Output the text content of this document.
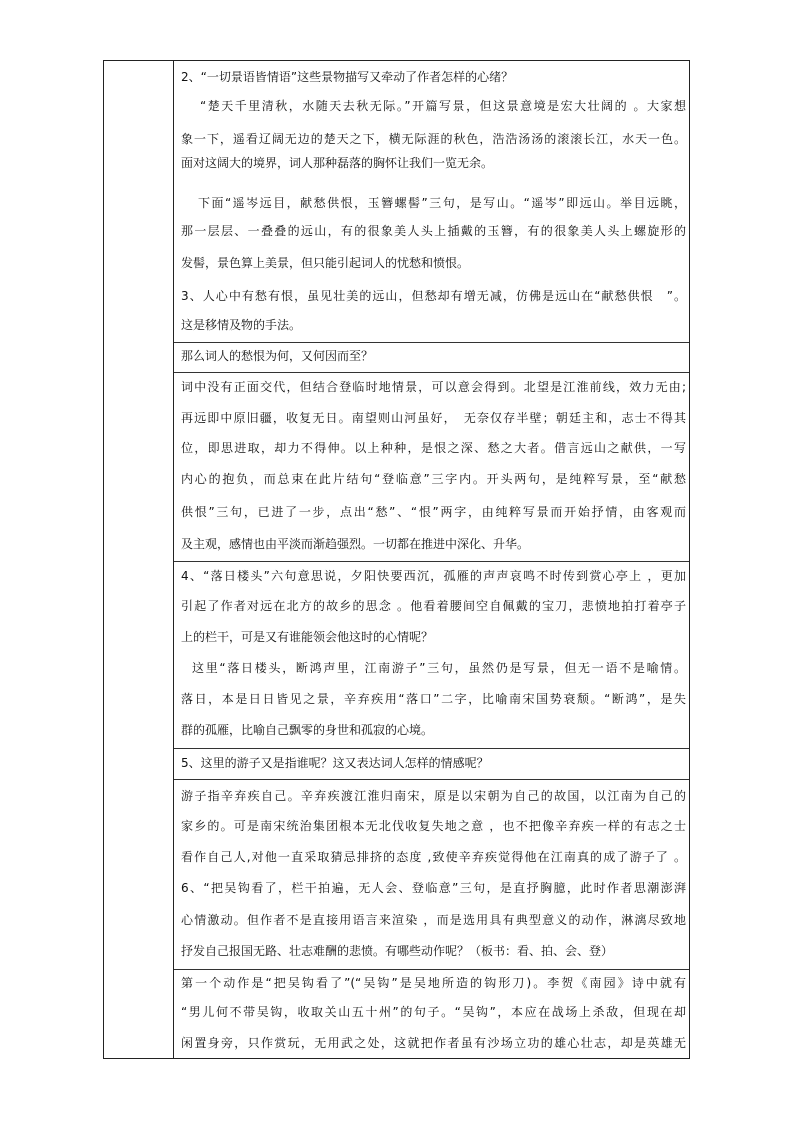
2、“一切景语皆情语”这些景物描写又牵动了作者怎样的心绪？
“楚天千里清秋，水随天去秋无际。”开篇写景，但这景意境是宏大壮阔的 。大家想
象一下，遥看辽阔无边的楚天之下，横无际涯的秋色，浩浩汤汤的滚滚长江，水天一色。
面对这阔大的境界，词人那种磊落的胸怀让我们一览无余。
下面“遥岑远目，献愁供恨，玉簪螺髻”三句，是写山。“遥岑”即远山。举目远眺，
那一层层、一叠叠的远山，有的很象美人头上插戴的玉簪，有的很象美人头上螺旋形的
发髻，景色算上美景，但只能引起词人的忧愁和愤恨。
3、人心中有愁有恨，虽见壮美的远山，但愁却有增无减，仿佛是远山在“献愁供恨　”。
这是移情及物的手法。
那么词人的愁恨为何，又何因而至？
词中没有正面交代，但结合登临时地情景，可以意会得到。北望是江淮前线，效力无由;
再远即中原旧疆，收复无日。南望则山河虽好，　无奈仅存半壁；朝廷主和，志士不得其
位，即思进取，却力不得伸。以上种种，是恨之深、愁之大者。借言远山之献供，一写
内心的抱负，而总束在此片结句“登临意”三字内。开头两句，是纯粹写景，至“献愁
供恨”三句，已进了一步，点出“愁”、“恨”两字，由纯粹写景而开始抒情，由客观而
及主观，感情也由平淡而渐趋强烈。一切都在推进中深化、升华。
4、“落日楼头”六句意思说，夕阳快要西沉，孤雁的声声哀鸣不时传到赏心亭上 ，更加
引起了作者对远在北方的故乡的思念 。他看着腰间空自佩戴的宝刀，悲愤地拍打着亭子
上的栏干，可是又有谁能领会他这时的心情呢？
这里“落日楼头，断鸿声里，江南游子”三句，虽然仍是写景，但无一语不是喻情。
落日，本是日日皆见之景，辛弃疾用“落口”二字，比喻南宋国势衰颓。“断鸿”，是失
群的孤雁，比喻自己飘零的身世和孤寂的心境。
5、这里的游子又是指谁呢？这又表达词人怎样的情感呢？
游子指辛弃疾自己。辛弃疾渡江淮归南宋，原是以宋朝为自己的故国，以江南为自己的
家乡的。可是南宋统治集团根本无北伐收复失地之意 ，也不把像辛弃疾一样的有志之士
看作自己人,对他一直采取猜忌排挤的态度 ,致使辛弃疾觉得他在江南真的成了游子了 。
6、“把吴钩看了，栏干拍遍，无人会、登临意”三句，是直抒胸臆，此时作者思潮澎湃
心情激动。但作者不是直接用语言来渲染 ，而是选用具有典型意义的动作，淋漓尽致地
抒发自己报国无路、壮志难酬的悲愤。有哪些动作呢？（板书：看、拍、会、登）
第一个动作是“把吴钩看了”(“吴钩”是吴地所造的钩形刀)。李贺《南园》诗中就有
“男儿何不带吴钩，收取关山五十州”的句子。“吴钩”，本应在战场上杀敌，但现在却
闲置身旁，只作赏玩，无用武之处，这就把作者虽有沙场立功的雄心壮志，却是英雄无
